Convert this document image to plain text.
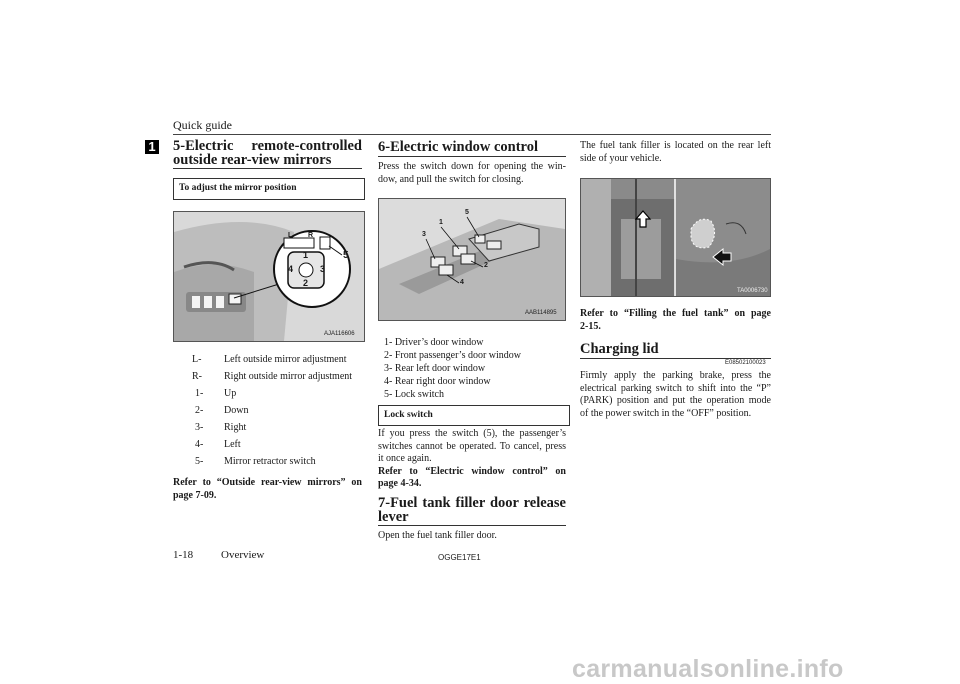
Quick guide
1 5-Electric remote-controlled
outside rear-view mirrors
To adjust the mirror position
L R
1
2
3
4
5
AJA116606
L- Left outside mirror adjustment
R- Right outside mirror adjustment
1- Up
2- Down
3- Right
4- Left
5- Mirror retractor switch
Refer to “Outside rear-view mirrors” on
page 7-09.
6-Electric window control
Press the switch down for opening the win-
dow, and pull the switch for closing.
1
2
3
4
5
AAB114895
1- Driver’s door window
2- Front passenger’s door window
3- Rear left door window
4- Rear right door window
5- Lock switch
Lock switch
If you press the switch (5), the passenger’s
switches cannot be operated. To cancel, press
it once again.
Refer to “Electric window control” on
page 4-34.
7-Fuel tank filler door release
lever
Open the fuel tank filler door.
The fuel tank filler is located on the rear left
side of your vehicle.
TA0006730
Refer to “Filling the fuel tank” on page
2-15.
Charging lid
E08502100023
Firmly apply the parking brake, press the
electrical parking switch to shift into the “P”
(PARK) position and put the operation mode
of the power switch in the “OFF” position.
1-18	Overview	OGGE17E1
carmanualsonline.info
